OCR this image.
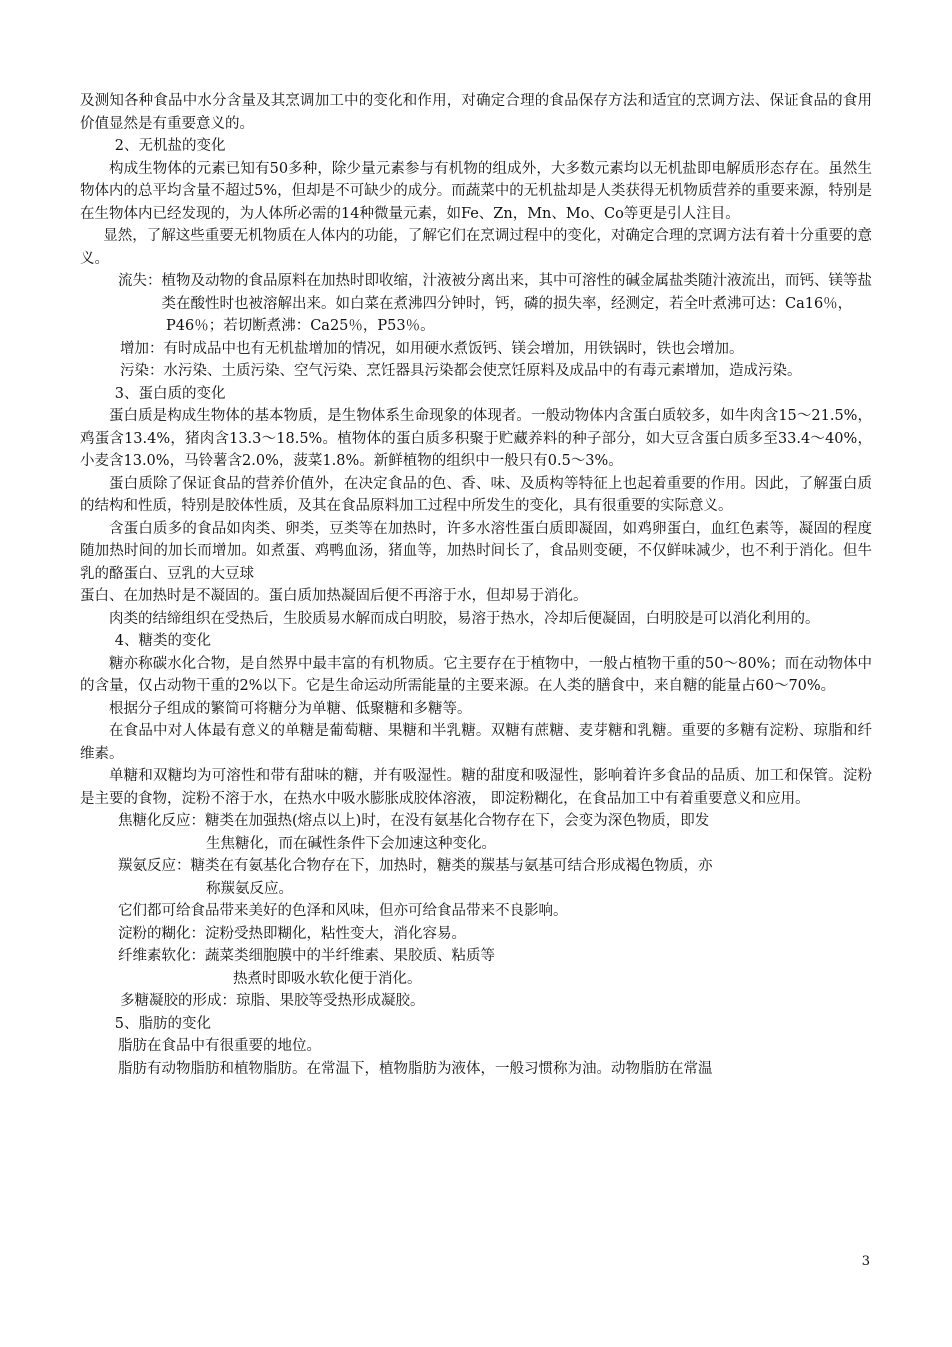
及测知各种食品中水分含量及其烹调加工中的变化和作用，对确定合理的食品保存方法和适宜的烹调方法、保证食品的食用价值显然是有重要意义的。

2、无机盐的变化

构成生物体的元素已知有50多种，除少量元素参与有机物的组成外，大多数元素均以无机盐即电解质形态存在。虽然生物体内的总平均含量不超过5%，但却是不可缺少的成分。而蔬菜中的无机盐却是人类获得无机物质营养的重要来源，特别是在生物体内已经发现的，为人体所必需的14种微量元素，如Fe、Zn，Mn、Mo、Co等更是引人注目。

显然，了解这些重要无机物质在人体内的功能，了解它们在烹调过程中的变化，对确定合理的烹调方法有着十分重要的意义。

流失： 植物及动物的食品原料在加热时即收缩，汁液被分离出来，其中可溶性的碱金属盐类随汁液流出，而钙、镁等盐类在酸性时也被溶解出来。如白菜在煮沸四分钟时，钙，磷的损失率，经测定，若全叶煮沸可达：Ca16％，

P46％；若切断煮沸：Ca25％，P53％。

增加： 有时成品中也有无机盐增加的情况，如用硬水煮饭钙、镁会增加，用铁锅时，铁也会增加。
污染： 水污染、土质污染、空气污染、烹饪器具污染都会使烹饪原料及成品中的有毒元素增加，造成污染。

3、蛋白质的变化

蛋白质是构成生物体的基本物质，是生物体系生命现象的体现者。一般动物体内含蛋白质较多，如牛肉含15～21.5%，鸡蛋含13.4%，猪肉含13.3～18.5%。植物体的蛋白质多积聚于贮藏养料的种子部分，如大豆含蛋白质多至33.4～40%，小麦含13.0%，马铃薯含2.0%，菠菜1.8%。新鲜植物的组织中一般只有0.5～3%。

蛋白质除了保证食品的营养价值外，在决定食品的色、香、味、及质构等特征上也起着重要的作用。因此，了解蛋白质的结构和性质，特别是胶体性质，及其在食品原料加工过程中所发生的变化，具有很重要的实际意义。

含蛋白质多的食品如肉类、卵类，豆类等在加热时，许多水溶性蛋白质即凝固，如鸡卵蛋白，血红色素等，凝固的程度随加热时间的加长而增加。如煮蛋、鸡鸭血汤，猪血等，加热时间长了，食品则变硬，不仅鲜味减少，也不利于消化。但牛乳的酪蛋白、豆乳的大豆球

蛋白、在加热时是不凝固的。蛋白质加热凝固后便不再溶于水，但却易于消化。

肉类的结缔组织在受热后，生胶质易水解而成白明胶，易溶于热水，冷却后便凝固，白明胶是可以消化利用的。

4、糖类的变化

糖亦称碳水化合物，是自然界中最丰富的有机物质。它主要存在于植物中，一般占植物干重的50～80%；而在动物体中的含量，仅占动物干重的2%以下。它是生命运动所需能量的主要来源。在人类的膳食中，来自糖的能量占60～70%。

根据分子组成的繁简可将糖分为单糖、低聚糖和多糖等。

在食品中对人体最有意义的单糖是葡萄糖、果糖和半乳糖。双糖有蔗糖、麦芽糖和乳糖。重要的多糖有淀粉、琼脂和纤维素。

单糖和双糖均为可溶性和带有甜味的糖，并有吸湿性。糖的甜度和吸湿性，影响着许多食品的品质、加工和保管。淀粉是主要的食物，淀粉不溶于水，在热水中吸水膨胀成胶体溶液， 即淀粉糊化，在食品加工中有着重要意义和应用。

焦糖化反应： 糖类在加强热(熔点以上)时，在没有氨基化合物存在下，会变为深色物质，即发

生焦糖化，而在碱性条件下会加速这种变化。

羰氨反应： 糖类在有氨基化合物存在下，加热时，糖类的羰基与氨基可结合形成褐色物质，亦

称羰氨反应。

它们都可给食品带来美好的色泽和风味，但亦可给食品带来不良影响。

淀粉的糊化：淀粉受热即糊化，粘性变大，消化容易。

纤维素软化：蔬菜类细胞膜中的半纤维素、果胶质、粘质等

热煮时即吸水软化便于消化。

多糖凝胶的形成：琼脂、果胶等受热形成凝胶。

5、脂肪的变化

脂肪在食品中有很重要的地位。

脂肪有动物脂肪和植物脂肪。在常温下，植物脂肪为液体，一般习惯称为油。动物脂肪在常温

3
